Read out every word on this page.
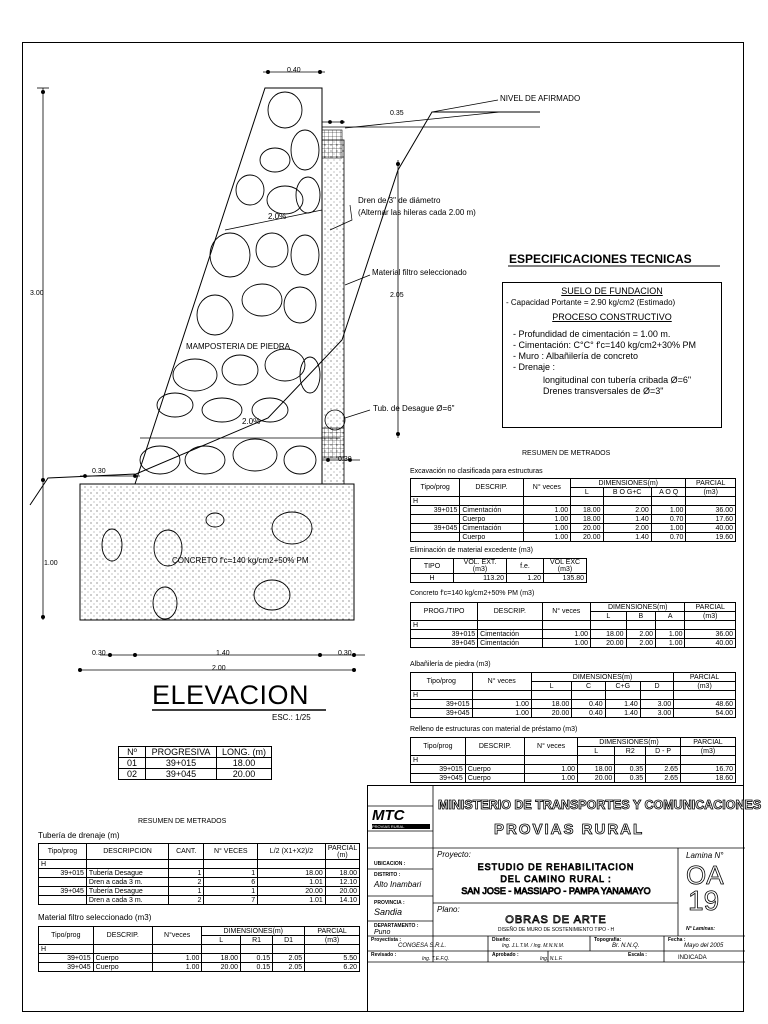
0.40
NIVEL DE AFIRMADO
0.35
Dren de 3" de diámetro
(Alternar las hileras cada 2.00 m)
2.0%
Material filtro seleccionado
3.00	2.05
MAMPOSTERIA DE PIEDRA
Tub. de Desague Ø=6"
2.0%
0.30
0.30
1.00	CONCRETO f'c=140 kg/cm2+50% PM
0.30	1.40	0.30
2.00
ELEVACION
ESC.: 1/25
ESPECIFICACIONES TECNICAS
SUELO DE FUNDACION
- Capacidad Portante = 2.90 kg/cm2 (Estimado)
PROCESO CONSTRUCTIVO
- Profundidad de cimentación = 1.00 m.
- Cimentación: C°C° f'c=140 kg/cm2+30% PM
- Muro : Albañilería de concreto
- Drenaje :
longitudinal con tubería cribada Ø=6"
Drenes transversales de Ø=3"
Nº	PROGRESIVA	LONG. (m)
01	39+015	18.00
02	39+045	20.00
RESUMEN DE METRADOS
Excavación no clasificada para estructuras
Tipo/prog	DESCRIP.	N° veces	DIMENSIONES(m)			PARCIAL
			L	B O G+C	A O Q	(m3)
H						
39+015	Cimentación	1.00	18.00	2.00	1.00	36.00
	Cuerpo	1.00	18.00	1.40	0.70	17.60
39+045	Cimentación	1.00	20.00	2.00	1.00	40.00
	Cuerpo	1.00	20.00	1.40	0.70	19.60
Eliminación de material excedente (m3)
TIPO	VOL. EXT. (m3)	f.e.	VOL EXC (m3)
H	113.20	1.20	135.80
Concreto f'c=140 kg/cm2+50% PM (m3)
PROG./TIPO	DESCRIP.	N° veces	DIMENSIONES(m)			PARCIAL
			L	B	A	(m3)
H						
39+015	Cimentación	1.00	18.00	2.00	1.00	36.00
39+045	Cimentación	1.00	20.00	2.00	1.00	40.00
Albañilería de piedra (m3)
Tipo/prog	N° veces	DIMENSIONES(m)				PARCIAL
		L	C	C+G	D	(m3)
H						
39+015	1.00	18.00	0.40	1.40	3.00	48.60
39+045	1.00	20.00	0.40	1.40	3.00	54.00
Relleno de estructuras con material de préstamo (m3)
Tipo/prog	DESCRIP.	N° veces	DIMENSIONES(m)			PARCIAL
			L	R2	D - P	(m3)
H						
39+015	Cuerpo	1.00	18.00	0.35	2.65	16.70
39+045	Cuerpo	1.00	20.00	0.35	2.65	18.60
RESUMEN DE METRADOS
Tubería de drenaje (m)
Tipo/prog	DESCRIPCION	CANT.	N° VECES	L/2 (X1+X2)/2	PARCIAL (m)
H					
39+015	Tubería Desague	1	1	18.00	18.00
	Dren a cada 3 m.	2	6	1.01	12.10
39+045	Tubería Desague	1	1	20.00	20.00
	Dren a cada 3 m.	2	7	1.01	14.10
Material filtro seleccionado (m3)
Tipo/prog	DESCRIP.	N°veces	DIMENSIONES(m)			PARCIAL
			L	R1	D1	(m3)
H						
39+015	Cuerpo	1.00	18.00	0.15	2.05	5.50
39+045	Cuerpo	1.00	20.00	0.15	2.05	6.20
MTC
PROVIAS RURAL
MINISTERIO DE TRANSPORTES Y COMUNICACIONES
PROVIAS RURAL
UBICACION :
Proyecto:
DISTRITO :
Alto Inambari
ESTUDIO DE REHABILITACION
DEL CAMINO RURAL :
SAN JOSE - MASSIAPO - PAMPA YANAMAYO
PROVINCIA :
Sandia	Plano:
OBRAS DE ARTE
DISEÑO DE MURO DE SOSTENIMIENTO TIPO - H
DEPARTAMENTO :
Puno
Lamina N°
OA
19
N° Laminas:
Proyectista :
CONGESA S.R.L.
Diseño:
Ing. J.L.T.M. / Ing. M.N.N.M.
Topografia:
Br. N.N.Q.
Fecha :
Mayo del 2005
Revisado :
Ing. T.E.F.Q.
Aprobado :
Ing. N.L.F.
Escala :	INDICADA
